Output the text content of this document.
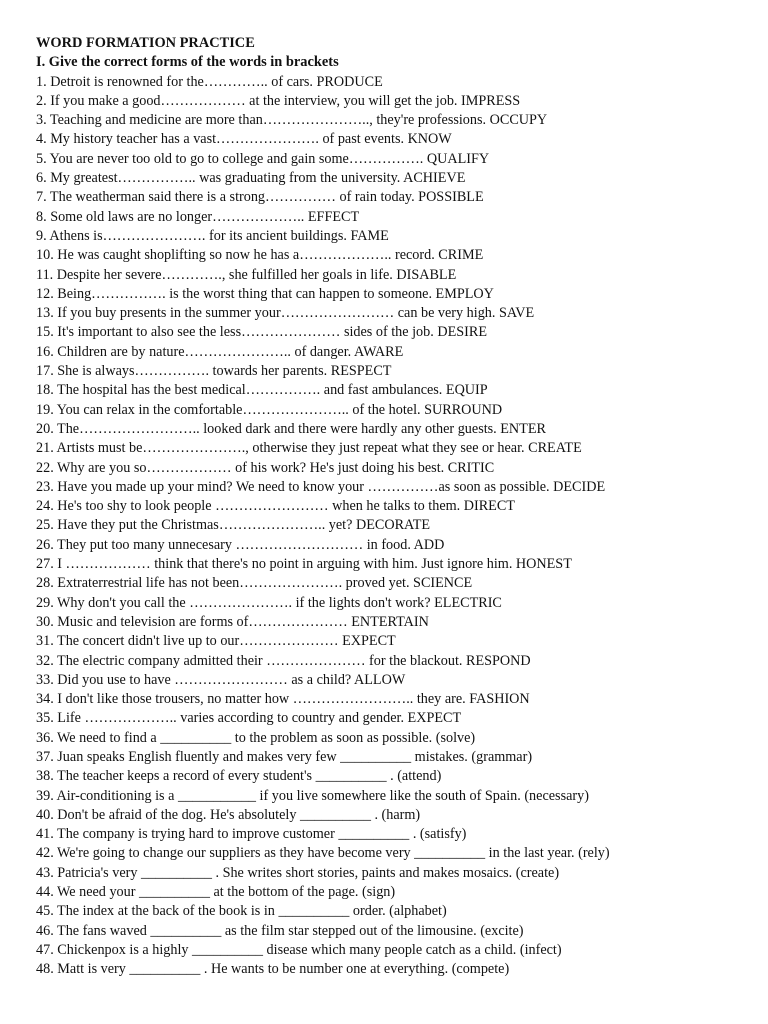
WORD FORMATION PRACTICE
I. Give the correct forms of the words in brackets
1. Detroit is renowned for the………….. of cars. PRODUCE
2. If you make a good……………… at the interview, you will get the job. IMPRESS
3. Teaching and medicine are more than………………….., they're professions. OCCUPY
4. My history teacher has a vast…………………. of past events. KNOW
5. You are never too old to go to college and gain some……………. QUALIFY
6. My greatest…………….. was graduating from the university. ACHIEVE
7. The weatherman said there is a strong…………… of rain today. POSSIBLE
8. Some old laws are no longer……………….. EFFECT
9. Athens is…………………. for its ancient buildings. FAME
10. He was caught shoplifting so now he has a……………….. record. CRIME
11. Despite her severe…………., she fulfilled her goals in life. DISABLE
12. Being……………. is the worst thing that can happen to someone. EMPLOY
13. If you buy presents in the summer your…………………… can be very high. SAVE
15. It's important to also see the less………………… sides of the job. DESIRE
16. Children are by nature………………….. of danger. AWARE
17. She is always……………. towards her parents. RESPECT
18. The hospital has the best medical……………. and fast ambulances. EQUIP
19. You can relax in the comfortable………………….. of the hotel. SURROUND
20. The…………………….. looked dark and there were hardly any other guests. ENTER
21. Artists must be…………………., otherwise they just repeat what they see or hear. CREATE
22. Why are you so……………… of his work? He's just doing his best. CRITIC
23. Have you made up your mind? We need to know your ……………as soon as possible. DECIDE
24. He's too shy to look people …………………… when he talks to them. DIRECT
25. Have they put the Christmas………………….. yet? DECORATE
26. They put too many unnecesary ……………………… in food. ADD
27. I ……………… think that there's no point in arguing with him. Just ignore him. HONEST
28. Extraterrestrial life has not been…………………. proved yet. SCIENCE
29. Why don't you call the …………………. if the lights don't work? ELECTRIC
30. Music and television are forms of………………… ENTERTAIN
31. The concert didn't live up to our………………… EXPECT
32. The electric company admitted their ………………… for the blackout. RESPOND
33. Did you use to have …………………… as a child? ALLOW
34. I don't like those trousers, no matter how …………………….. they are. FASHION
35. Life ……………….. varies according to country and gender. EXPECT
36. We need to find a __________ to the problem as soon as possible. (solve)
37. Juan speaks English fluently and makes very few __________ mistakes. (grammar)
38. The teacher keeps a record of every student's __________ . (attend)
39. Air-conditioning is a ___________ if you live somewhere like the south of Spain. (necessary)
40. Don't be afraid of the dog. He's absolutely __________ . (harm)
41. The company is trying hard to improve customer __________ . (satisfy)
42. We're going to change our suppliers as they have become very __________ in the last year. (rely)
43. Patricia's very __________ . She writes short stories, paints and makes mosaics. (create)
44. We need your __________ at the bottom of the page. (sign)
45. The index at the back of the book is in __________ order. (alphabet)
46. The fans waved __________ as the film star stepped out of the limousine. (excite)
47. Chickenpox is a highly __________ disease which many people catch as a child. (infect)
48. Matt is very __________ . He wants to be number one at everything. (compete)
